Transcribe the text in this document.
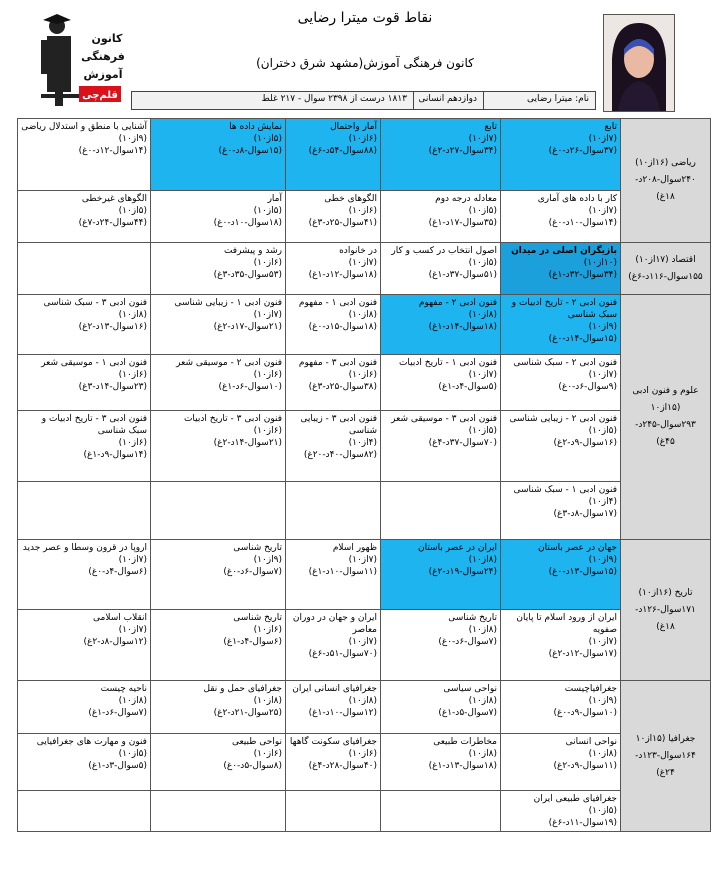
کانون
فرهنگی
آموزش
قلم‌چی
نقاط قوت میترا رضایی
کانون فرهنگی آموزش(مشهد شرق دختران)
نام: میترا رضایی
دوازدهم انسانی
۱۸۱۳ درست از ۲۳۹۸ سوال - ۲۱۷ غلط
ریاضی (۱۶از۱۰)
۲۴۰سوال-۲۰۸د-
۱۸غ)	تابع
(۷از۱۰)
(۳۷سوال-۲۶د-۰غ)	تابع
(۷از۱۰)
(۳۴سوال-۲۷د-۲غ)	آمار واحتمال
(۶از۱۰)
(۸۸سوال-۵۴د-۶غ)	نمایش داده ها
(۵از۱۰)
(۱۵سوال-۸د-۰غ)	آشنایی با منطق و استدلال ریاضی
(۹از۱۰)
(۱۴سوال-۱۲د-۰غ)

	کار با داده های آماری
(۷از۱۰)
(۱۴سوال-۱۰د-۰غ)	معادله درجه دوم
(۵از۱۰)
(۳۵سوال-۱۷د-۱غ)	الگوهای خطی
(۶از۱۰)
(۴۱سوال-۲۵د-۳غ)	آمار
(۵از۱۰)
(۱۸سوال-۱۰د-۰غ)	الگوهای غیرخطی
(۵از۱۰)
(۴۴سوال-۲۴د-۷غ)

اقتصاد (۱۷از۱۰)
۱۵۵سوال-۱۱۶د-۶غ)	بازیگران اصلی در میدان
(۱۰از۱۰)
(۳۴سوال-۳۲د-۱غ)	اصول انتخاب در کسب و کار
(۵از۱۰)
(۵۱سوال-۳۷د-۱غ)	در خانواده
(۷از۱۰)
(۱۸سوال-۱۲د-۱غ)	رشد و پیشرفت
(۶از۱۰)
(۵۳سوال-۳۵د-۳غ)	

علوم و فنون ادبی
(۱۵از۱۰
۲۹۳سوال-۲۴۵د-
۴۵غ)	فنون ادبی ۲ - تاریخ ادبیات و سبک شناسی
(۹از۱۰)
(۱۵سوال-۱۴د-۰غ)	فنون ادبی ۲ - مفهوم
(۸از۱۰)
(۱۸سوال-۱۴د-۱غ)	فنون ادبی ۱ - مفهوم
(۸از۱۰)
(۱۸سوال-۱۵د-۰غ)	فنون ادبی ۱ - زیبایی شناسی
(۷از۱۰)
(۲۱سوال-۱۷د-۲غ)	فنون ادبی ۳ - سبک شناسی
(۸از۱۰)
(۱۶سوال-۱۳د-۲غ)

	فنون ادبی ۲ - سبک شناسی
(۷از۱۰)
(۹سوال-۶د-۰غ)	فنون ادبی ۱ - تاریخ ادبیات
(۷از۱۰)
(۵سوال-۴د-۱غ)	فنون ادبی ۳ - مفهوم
(۶از۱۰)
(۳۸سوال-۲۵د-۳غ)	فنون ادبی ۲ - موسیقی شعر
(۶از۱۰)
(۱۰سوال-۶د-۱غ)	فنون ادبی ۱ - موسیقی شعر
(۶از۱۰)
(۲۳سوال-۱۴د-۳غ)

	فنون ادبی ۲ - زیبایی شناسی
(۵از۱۰)
(۱۶سوال-۹د-۲غ)	فنون ادبی ۳ - موسیقی شعر
(۵از۱۰)
(۷۰سوال-۳۷د-۴غ)	فنون ادبی ۳ - زیبایی شناسی
(۴از۱۰)
(۸۲سوال-۴۰د-۲۰غ)	فنون ادبی ۳ - تاریخ ادبیات
(۶از۱۰)
(۲۱سوال-۱۴د-۲غ)	فنون ادبی ۳ - تاریخ ادبیات و سبک شناسی
(۶از۱۰)
(۱۴سوال-۹د-۱غ)

	فنون ادبی ۱ - سبک شناسی
(۴از۱۰)
(۱۷سوال-۸د-۳غ)				

تاریخ (۱۶از۱۰)
۱۷۱سوال-۱۲۶د-
۱۸غ)	جهان در عصر باستان
(۹از۱۰)
(۱۵سوال-۱۳د-۰غ)	ایران در عصر باستان
(۸از۱۰)
(۲۴سوال-۱۹د-۲غ)	ظهور اسلام
(۷از۱۰)
(۱۱سوال-۱۰د-۱غ)	تاریخ شناسی
(۹از۱۰)
(۷سوال-۶د-۰غ)	اروپا در قرون وسطا و عصر جدید
(۷از۱۰)
(۶سوال-۴د-۰غ)

	ایران از ورود اسلام تا پایان صفویه
(۷از۱۰)
(۱۷سوال-۱۲د-۲غ)	تاریخ شناسی
(۸از۱۰)
(۷سوال-۶د-۰غ)	ایران و جهان در دوران معاصر
(۷از۱۰)
(۷۰سوال-۵۱د-۶غ)	تاریخ شناسی
(۶از۱۰)
(۶سوال-۴د-۱غ)	انقلاب اسلامی
(۷از۱۰)
(۱۲سوال-۸د-۲غ)

جغرافیا (۱۵از۱۰
۱۶۴سوال-۱۲۳د-
۲۴غ)	جغرافیاچیست
(۹از۱۰)
(۱۰سوال-۹د-۰غ)	نواحی سیاسی
(۸از۱۰)
(۷سوال-۵د-۱غ)	جغرافیای انسانی ایران
(۸از۱۰)
(۱۲سوال-۱۰د-۱غ)	جغرافیای حمل و نقل
(۸از۱۰)
(۲۵سوال-۲۱د-۲غ)	ناحیه چیست
(۸از۱۰)
(۷سوال-۶د-۱غ)

	نواحی انسانی
(۸از۱۰)
(۱۱سوال-۹د-۲غ)	مخاطرات طبیعی
(۸از۱۰)
(۱۸سوال-۱۳د-۱غ)	جغرافیای سکونت گاهها
(۶از۱۰)
(۴۰سوال-۲۸د-۴غ)	نواحی طبیعی
(۶از۱۰)
(۸سوال-۵د-۰غ)	فنون و مهارت های جغرافیایی
(۵از۱۰)
(۵سوال-۳د-۱غ)

	جغرافیای طبیعی ایران
(۵از۱۰)
(۱۹سوال-۱۱د-۶غ)				
